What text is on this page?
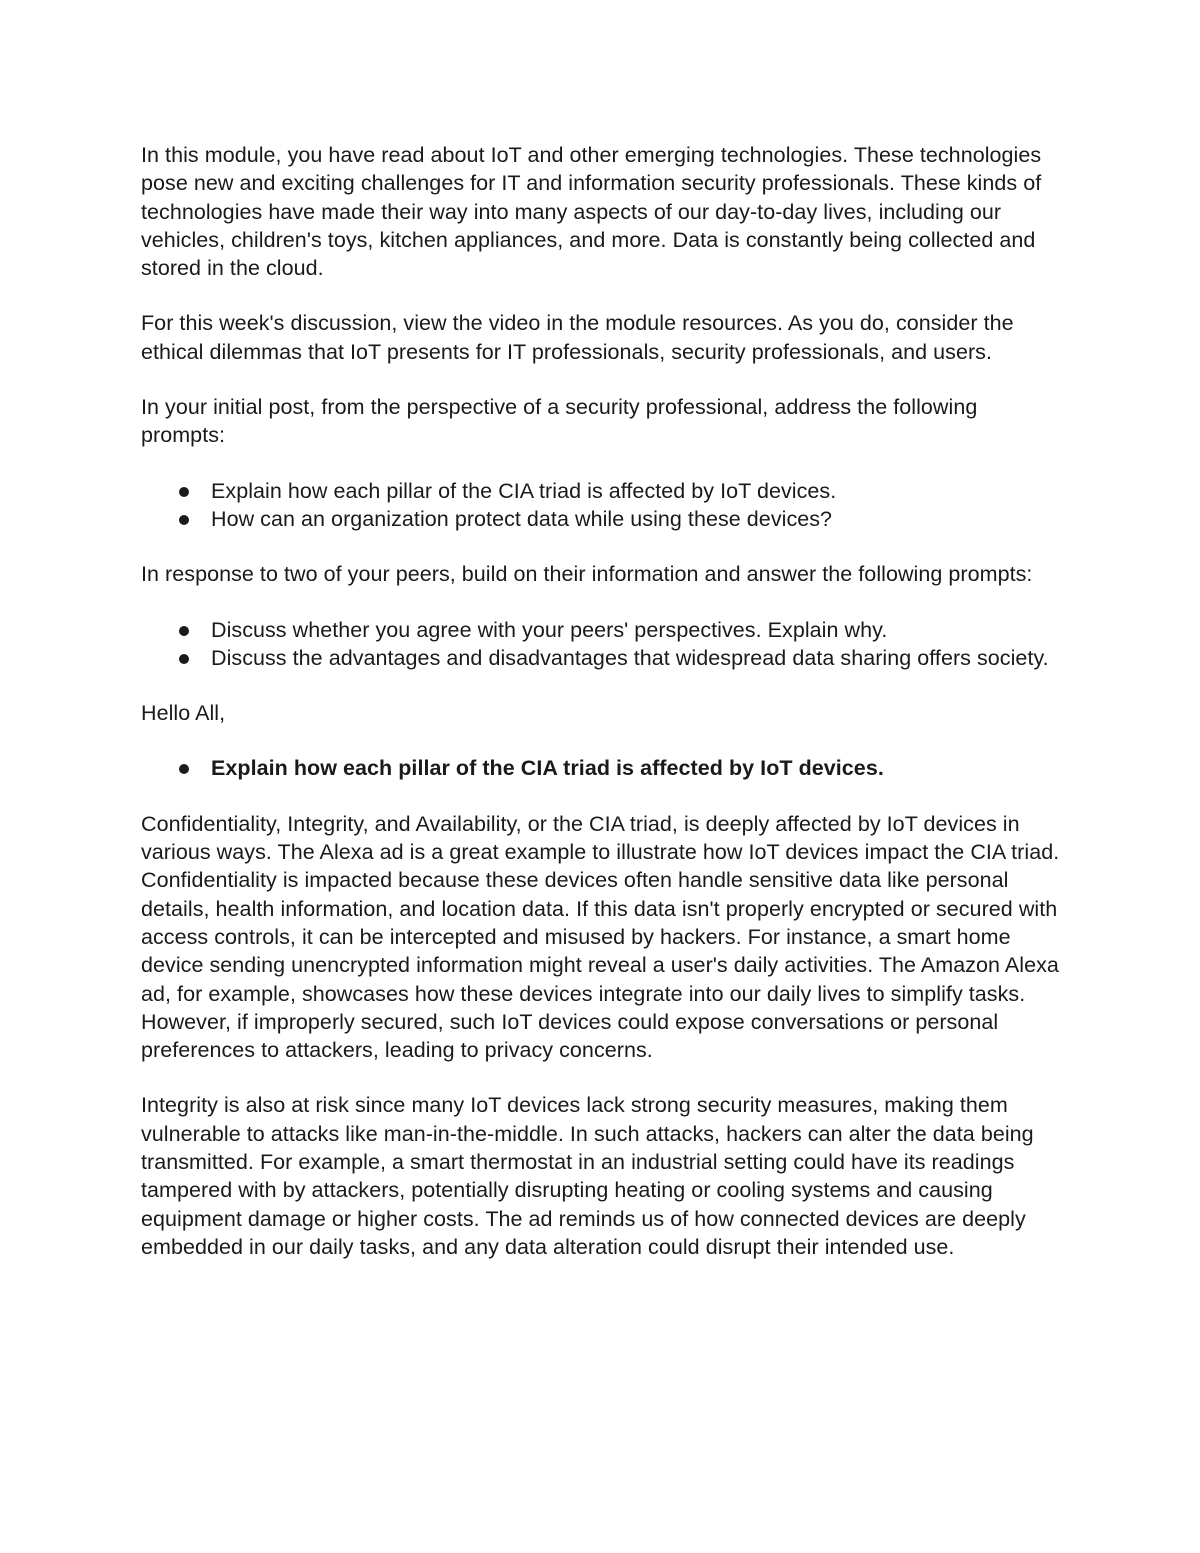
In this module, you have read about IoT and other emerging technologies. These technologies pose new and exciting challenges for IT and information security professionals. These kinds of technologies have made their way into many aspects of our day-to-day lives, including our vehicles, children's toys, kitchen appliances, and more. Data is constantly being collected and stored in the cloud.

For this week's discussion, view the video in the module resources. As you do, consider the ethical dilemmas that IoT presents for IT professionals, security professionals, and users.

In your initial post, from the perspective of a security professional, address the following prompts:

Explain how each pillar of the CIA triad is affected by IoT devices.
How can an organization protect data while using these devices?

In response to two of your peers, build on their information and answer the following prompts:

Discuss whether you agree with your peers' perspectives. Explain why.
Discuss the advantages and disadvantages that widespread data sharing offers society.

Hello All,

Explain how each pillar of the CIA triad is affected by IoT devices.

Confidentiality, Integrity, and Availability, or the CIA triad, is deeply affected by IoT devices in various ways. The Alexa ad is a great example to illustrate how IoT devices impact the CIA triad. Confidentiality is impacted because these devices often handle sensitive data like personal details, health information, and location data. If this data isn't properly encrypted or secured with access controls, it can be intercepted and misused by hackers. For instance, a smart home device sending unencrypted information might reveal a user's daily activities. The Amazon Alexa ad, for example, showcases how these devices integrate into our daily lives to simplify tasks. However, if improperly secured, such IoT devices could expose conversations or personal preferences to attackers, leading to privacy concerns.

Integrity is also at risk since many IoT devices lack strong security measures, making them vulnerable to attacks like man-in-the-middle. In such attacks, hackers can alter the data being transmitted. For example, a smart thermostat in an industrial setting could have its readings tampered with by attackers, potentially disrupting heating or cooling systems and causing equipment damage or higher costs. The ad reminds us of how connected devices are deeply embedded in our daily tasks, and any data alteration could disrupt their intended use.
